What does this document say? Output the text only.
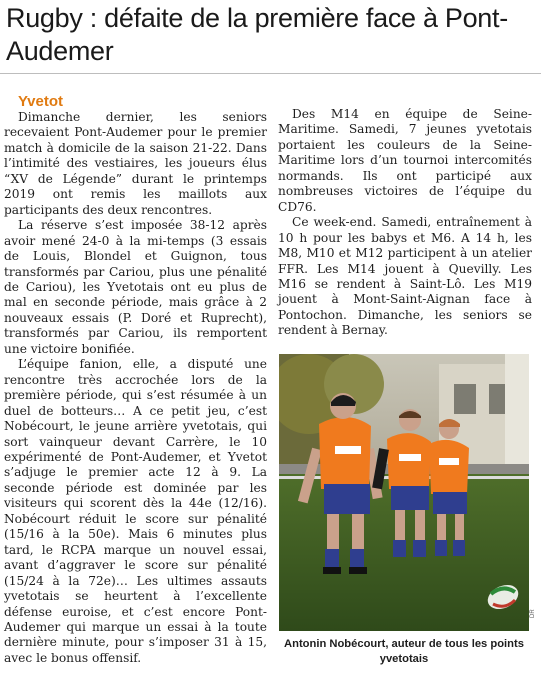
Rugby : défaite de la première face à Pont-Audemer

Yvetot

Dimanche dernier, les seniors recevaient Pont-Audemer pour le premier match à domicile de la saison 21-22. Dans l’intimité des vestiaires, les joueurs élus “XV de Légende” durant le printemps 2019 ont remis les maillots aux participants des deux rencontres.

La réserve s’est imposée 38-12 après avoir mené 24-0 à la mi-temps (3 essais de Louis, Blondel et Guignon, tous transformés par Cariou, plus une pénalité de Cariou), les Yvetotais ont eu plus de mal en seconde période, mais grâce à 2 nouveaux essais (P. Doré et Ruprecht), transformés par Cariou, ils remportent une victoire bonifiée.

L’équipe fanion, elle, a disputé une rencontre très accrochée lors de la première période, qui s’est résumée à un duel de botteurs… A ce petit jeu, c’est Nobécourt, le jeune arrière yvetotais, qui sort vainqueur devant Carrère, le 10 expérimenté de Pont-Audemer, et Yvetot s’adjuge le premier acte 12 à 9. La seconde période est dominée par les visiteurs qui scorent dès la 44e (12/16). Nobécourt réduit le score sur pénalité (15/16 à la 50e). Mais 6 minutes plus tard, le RCPA marque un nouvel essai, avant d’aggraver le score sur pénalité (15/24 à la 72e)… Les ultimes assauts yvetotais se heurtent à l’excellente défense euroise, et c’est encore Pont-Audemer qui marque un essai à la toute dernière minute, pour s’imposer 31 à 15, avec le bonus offensif.

Des M14 en équipe de Seine-Maritime. Samedi, 7 jeunes yvetotais portaient les couleurs de la Seine-Maritime lors d’un tournoi intercomités normands. Ils ont participé aux nombreuses victoires de l’équipe du CD76.

Ce week-end. Samedi, entraînement à 10 h pour les babys et M6. A 14 h, les M8, M10 et M12 participent à un atelier FFR. Les M14 jouent à Quevilly. Les M16 se rendent à Saint-Lô. Les M19 jouent à Mont-Saint-Aignan face à Pontochon. Dimanche, les seniors se rendent à Bernay.

DR
Antonin Nobécourt, auteur de tous les points yvetotais
